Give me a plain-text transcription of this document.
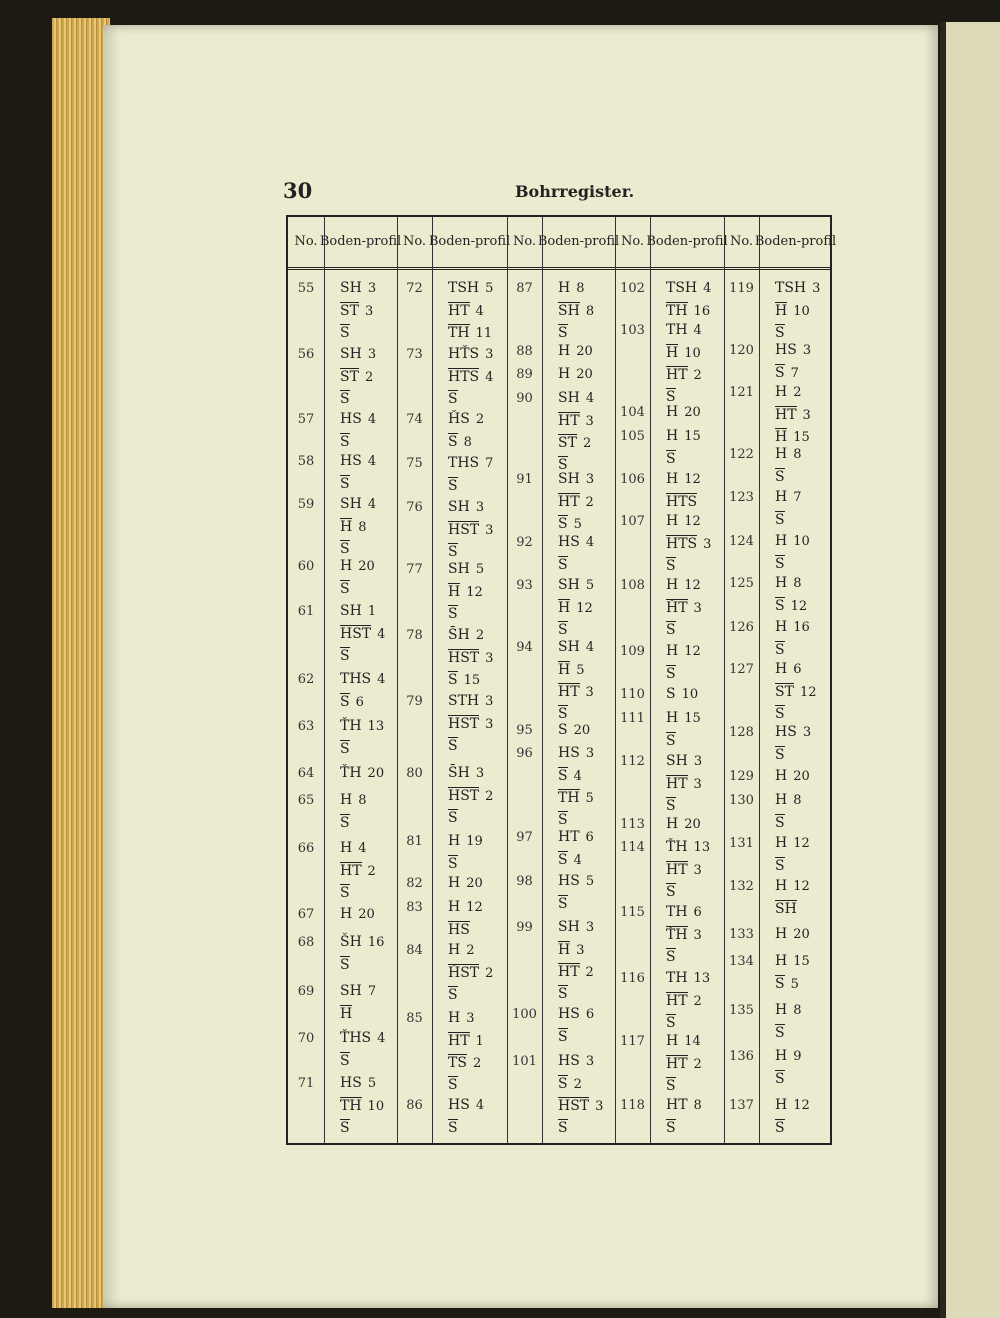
30	Bohrregister.
No. Boden- profil No. Boden- profil No. Boden- profil No. Boden- profil No. Boden- profil
55	SH 3
ST 3
S
56	SH 3
ST 2
S
57	HS 4
S
58	HS 4
S
59	SH 4
H 8
S
60	H 20
S
61	SH 1
HST 4
S
62	THS 4
S 6
63	ŤH 13
S
64	ŤH 20
65	H 8
S
66	H 4
HT 2
S
67	H 20
68	ŠH 16
S
69	SH 7
H
70	ŤHS 4
S
71	HS 5
TH 10
S
72	TSH 5
HT 4
TH 11
73	HŤS 3
HTS 4
S
74	ȞS 2
S 8
75	THS 7
S
76	SH 3
HST 3
S
77	SH 5
H 12
S
78	S̄H 2
HS̄T 3
S 15
79	STH 3
HS̄T 3
S
80	S̄H 3
HS̄T 2
S
81	H 19
S
82	H 20
83	H 12
HS
84	H 2
ȞST 2
S
85	H 3
HT 1
TS 2
S
86	HS 4
S
87	H 8
SH 8
S
88	H 20
89	H 20
90	SH 4
HT 3
ST 2
S
91	SH 3
HT 2
S 5
92	HS 4
S
93	SH 5
H 12
S
94	SH 4
H 5
HT 3
S
95	S 20
96	HS 3
S 4
TH 5
S
97	HT 6
S 4
98	HS 5
S
99	SH 3
H 3
HT 2
S
100	HS 6
S
101	HS 3
S 2
HS̄T 3
S
102	TSH 4
TH 16
103	TH 4
H 10
HT 2
S
104	H 20
105	H 15
S
106	H 12
HTS
107	H 12
HTS 3
S
108	H 12
ȞT 3
S
109	H 12
S
110	S 10
111	H 15
S
112	SH 3
HT 3
S
113	H 20
114	ŤH 13
HT 3
S
115	TH 6
ŤH 3
S
116	TH 13
HT 2
S
117	H 14
HT 2
S
118	HT 8
S
119	TSH 3
H 10
S
120	HS 3
S 7
121	H 2
HT 3
H 15
122	H 8
S
123	H 7
S
124	H 10
S
125	H 8
S 12
126	H 16
S
127	H 6
ST 12
S
128	HS 3
S
129	H 20
130	H 8
S
131	H 12
S
132	H 12
S̄H
133	H 20
134	H 15
S 5
135	H 8
S
136	H 9
S
137	H 12
S
